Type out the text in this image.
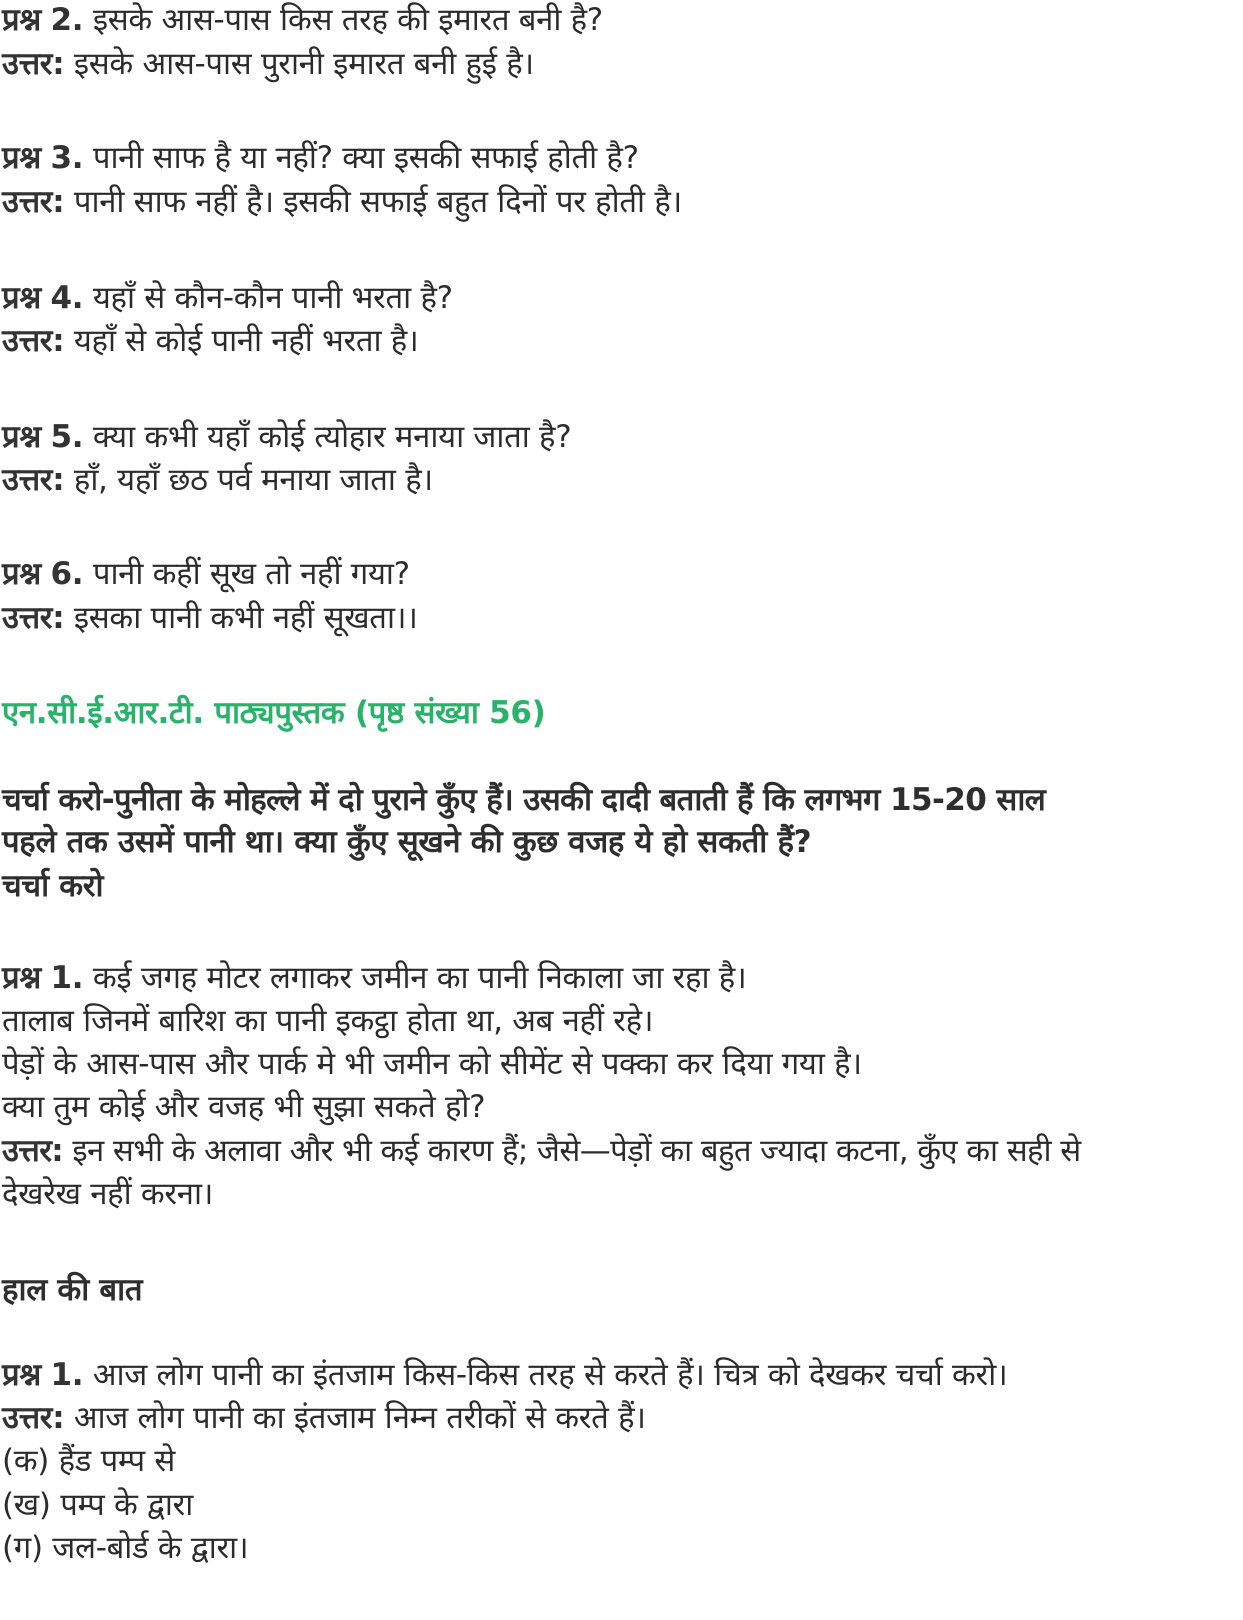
प्रश्न 2. इसके आस-पास किस तरह की इमारत बनी है?
उत्तर: इसके आस-पास पुरानी इमारत बनी हुई है।
प्रश्न 3. पानी साफ है या नहीं? क्या इसकी सफाई होती है?
उत्तर: पानी साफ नहीं है। इसकी सफाई बहुत दिनों पर होती है।
प्रश्न 4. यहाँ से कौन-कौन पानी भरता है?
उत्तर: यहाँ से कोई पानी नहीं भरता है।
प्रश्न 5. क्या कभी यहाँ कोई त्योहार मनाया जाता है?
उत्तर: हाँ, यहाँ छठ पर्व मनाया जाता है।
प्रश्न 6. पानी कहीं सूख तो नहीं गया?
उत्तर: इसका पानी कभी नहीं सूखता।।
एन.सी.ई.आर.टी. पाठ्यपुस्तक (पृष्ठ संख्या 56)
चर्चा करो-पुनीता के मोहल्ले में दो पुराने कुँए हैं। उसकी दादी बताती हैं कि लगभग 15-20 साल
पहले तक उसमें पानी था। क्या कुँए सूखने की कुछ वजह ये हो सकती हैं?
चर्चा करो
प्रश्न 1. कई जगह मोटर लगाकर जमीन का पानी निकाला जा रहा है।
तालाब जिनमें बारिश का पानी इकट्ठा होता था, अब नहीं रहे।
पेड़ों के आस-पास और पार्क मे भी जमीन को सीमेंट से पक्का कर दिया गया है।
क्या तुम कोई और वजह भी सुझा सकते हो?
उत्तर: इन सभी के अलावा और भी कई कारण हैं; जैसे—पेड़ों का बहुत ज्यादा कटना, कुँए का सही से
देखरेख नहीं करना।
हाल की बात
प्रश्न 1. आज लोग पानी का इंतजाम किस-किस तरह से करते हैं। चित्र को देखकर चर्चा करो।
उत्तर: आज लोग पानी का इंतजाम निम्न तरीकों से करते हैं।
(क) हैंड पम्प से
(ख) पम्प के द्वारा
(ग) जल-बोर्ड के द्वारा।
